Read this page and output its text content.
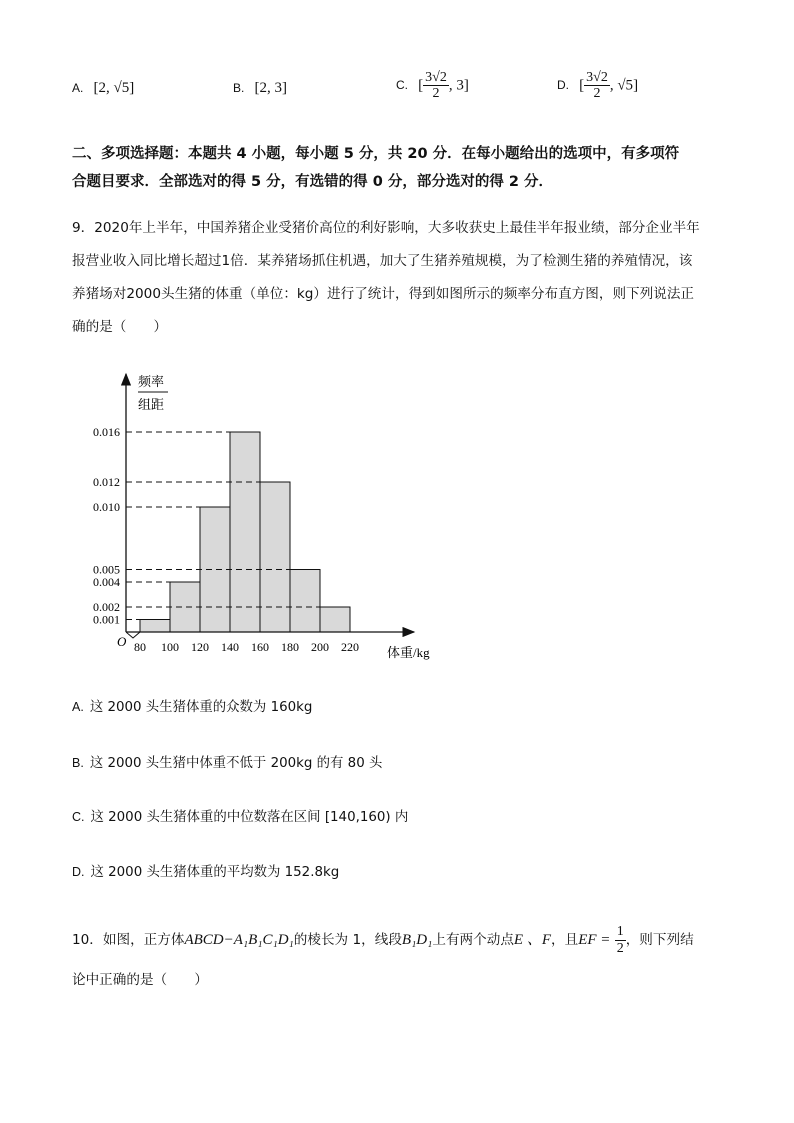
A. [2, √5]	B. [2, 3]	C. [ $\frac{3√2}{2}$ , 3]	D. [ $\frac{3√2}{2}$ , √5]
二、多项选择题：本题共 4 小题，每小题 5 分，共 20 分．在每小题给出的选项中，有多项符
合题目要求．全部选对的得 5 分，有选错的得 0 分，部分选对的得 2 分．
9．2020年上半年，中国养猪企业受猪价高位的利好影响，大多收获史上最佳半年报业绩，部分企业半年
报营业收入同比增长超过1倍．某养猪场抓住机遇，加大了生猪养殖规模，为了检测生猪的养殖情况，该
养猪场对2000头生猪的体重（单位：kg）进行了统计，得到如图所示的频率分布直方图，则下列说法正
确的是（　　）
频率
组距
O
体重/kg
80 100 120 140 160 180 200 220
0.001
0.002
0.004
0.005
0.010
0.012
0.016
A. 这 2000 头生猪体重的众数为 160kg
B. 这 2000 头生猪中体重不低于 200kg 的有 80 头
C. 这 2000 头生猪体重的中位数落在区间 [140,160) 内
D. 这 2000 头生猪体重的平均数为 152.8kg
10．如图，正方体ABCD−A₁B₁C₁D₁的棱长为 1，线段B₁D₁上有两个动点E 、F，且EF = $\frac{1}{2}$ ，则下列结
论中正确的是（　　）
